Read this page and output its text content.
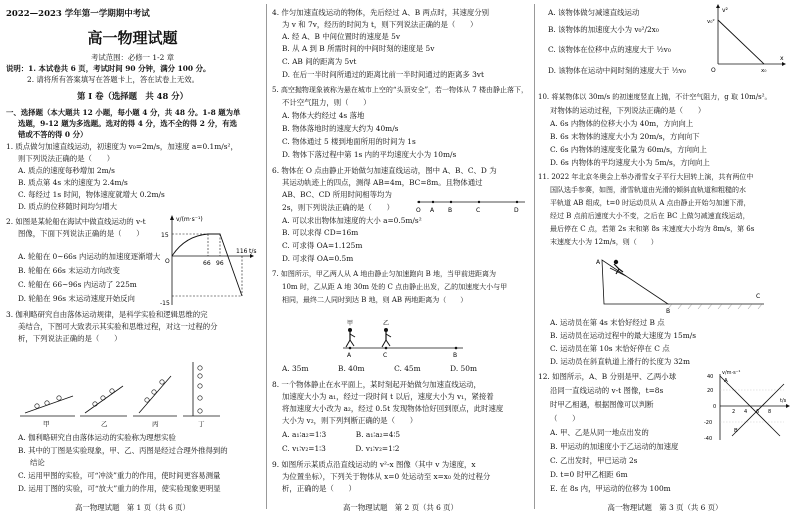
2022—2023 学年第一学期期中考试
高一物理试题
考试范围：必修一 1-2 章
说明：1. 本试卷共 6 页，考试时间 90 分钟，满分 100 分。
2. 请将所有答案填写在答题卡上，答在试卷上无效。
第 Ⅰ 卷（选择题　共 48 分）
一、选择题（本大题共 12 小题，每小题 4 分，共 48 分。1-8 题为单
选题，9-12 题为多选题。选对的得 4 分，选不全的得 2 分，有选
错或不答的得 0 分）
1. 质点做匀加速直线运动，初速度为 v₀=2m/s，加速度 a=0.1m/s²，
则下列说法正确的是（　　）
A. 质点的速度每秒增加 2m/s
B. 质点第 4s 末的速度为 2.4m/s
C. 每经过 1s 时间，物体速度就增大 0.2m/s
D. 质点的位移随时间均匀增大
2. 如图是某轮船在海试中做直线运动的 v-t
图像，下面下列说法正确的是（　　）
A. 轮船在 0~66s 内运动的加速度逐渐增大
B. 轮船在 66s 末运动方向改变
C. 轮船在 66~96s 内运动了 225m
D. 轮船在 96s 末运动速度开始反向
v/(m·s⁻¹)
15
-15
O	66 96
116 t/s
3. 伽利略研究自由落体运动规律，是科学实验和逻辑思维的完
美结合，下图可大致表示其实验和思维过程，对这一过程的分
析，下列说法正确的是（　　）
甲	乙	丙	丁
A. 伽利略研究自由落体运动的实验称为理想实验
B. 其中的丁图是实验现象，甲、乙、丙图是经过合理外推得到的
结论
C. 运用甲图的实验，可“冲淡”重力的作用，使时间更容易测量
D. 运用丁图的实验，可“放大”重力的作用，使实验现象更明显
高一物理试题　第 1 页（共 6 页）
4. 作匀加速直线运动的物体，先后经过 A、B 两点时，其速度分别
为 v 和 7v，经历的时间为 t，则下列说法正确的是（　　）
A. 经 A、B 中间位置时的速度是 5v
B. 从 A 到 B 所需时间的中间时刻的速度是 5v
C. AB 间的距离为 5vt
D. 在后一半时间所通过的距离比前一半时间通过的距离多 3vt
5. 高空抛物现象被称为悬在城市上空的“头顶安全”，若一物体从 7 楼由静止落下，
不计空气阻力，则（　　）
A. 物体大约经过 4s 落地
B. 物体落地时的速度大约为 40m/s
C. 物体通过 5 楼到地面所用的时间为 1s
D. 物体下落过程中第 1s 内的平均速度大小为 10m/s
6. 物体在 O 点由静止开始做匀加速直线运动，图中 A、B、C、D 为
其运动轨迹上的四点，测得 AB=4m，BC=8m。且物体通过
AB、BC、CD 所用时间相等均为
2s，则下列说法正确的是（　　）	O A B	C	D
A. 可以求出物体加速度的大小 a=0.5m/s²
B. 可以求得 CD=16m
C. 可求得 OA=1.125m
D. 可求得 OA=0.5m
7. 如图所示，甲乙两人从 A 地由静止匀加速跑向 B 地，当甲前进距离为
10m 时，乙从距 A 地 30m 处的 C 点由静止出发，乙的加速度大小与甲
相同，最终二人同时到达 B 地，则 AB 两地距离为（　　）
甲	乙
A	C	B
A. 35m　　　　B. 40m　　　　C. 45m　　　　D. 50m
8. 一个物体静止在水平面上，某时刻起开始做匀加速直线运动，
加速度大小为 a₁，经过一段时间 t 以后，速度大小为 v₁，紧接着
将加速度大小改为 a₂，经过 0.5t 发现物体恰好回到原点，此时速度
大小为 v₂，则下列判断正确的是（　　）
A. a₁∶a₂=1∶3　　　　B. a₁∶a₂=4∶5
C. v₁∶v₂=1∶3　　　　D. v₁∶v₂=1∶2
9. 如图所示某质点沿直线运动的 v²-x 图像（其中 v 为速度，x
为位置坐标），下列关于物体从 x=0 处运动至 x=x₀ 处的过程分
析，正确的是（　　）
高一物理试题　第 2 页（共 6 页）
A. 该物体做匀减速直线运动
B. 该物体的加速度大小为 v₀²/2x₀
C. 该物体在位移中点的速度大于 ½v₀
D. 该物体在运动中间时刻的速度大于 ½v₀
v²
v₀²
x
x₀
O
10. 将某物体以 30m/s 的初速度竖直上抛，不计空气阻力，g 取 10m/s²。
对物体的运动过程，下列说法正确的是（　　）
A. 6s 内物体的位移大小为 40m，方向向上
B. 6s 末物体的速度大小为 20m/s，方向向下
C. 6s 内物体的速度变化量为 60m/s，方向向上
D. 6s 内物体的平均速度大小为 5m/s，方向向上
11. 2022 年北京冬奥会上举办滑雪女子平行大回转上演，共有两位中
国队选手参赛，如图，滑雪轨道由光滑的倾斜直轨道和粗糙的水
平轨道 AB 组成，t=0 时运动员从 A 点由静止开始匀加速下滑，
经过 B 点前后速度大小不变，之后在 BC 上做匀减速直线运动，
最后停在 C 点，若第 2s 末和第 8s 末速度大小均为 8m/s，第 6s
末速度大小为 12m/s，则（　　）
A
B
C
A. 运动员在第 4s 末恰好经过 B 点
B. 运动员在运动过程中的最大速度为 15m/s
C. 运动员在第 10s 末恰好停在 C 点
D. 运动员在斜直轨道上滑行的长度为 32m
12. 如图所示，A、B 分别是甲、乙两小球
沿同一直线运动的 v-t 图像，t=8s
时甲乙相遇，根据图像可以判断
（　　）
A. 甲、乙是从同一地点出发的
B. 甲运动的加速度小于乙运动的加速度
C. 乙出发时，甲已运动 2s
D. t=0 时甲乙相距 6m
E. 在 8s 内，甲运动的位移为 100m
v/m·s⁻¹
40
20
0
-20
-40
2 4 6 8
t/s
A
B
高一物理试题　第 3 页（共 6 页）
